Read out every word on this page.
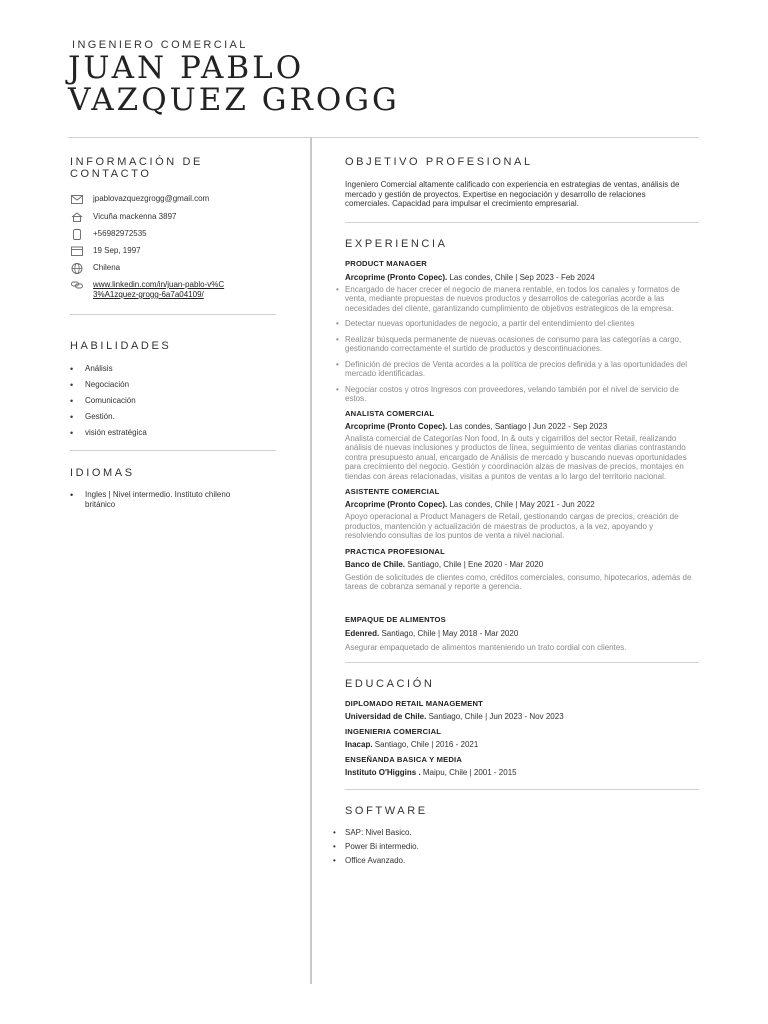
INGENIERO COMERCIAL
JUAN PABLO
VAZQUEZ GROGG
INFORMACIÓN DE CONTACTO
jpablovazquezgrogg@gmail.com
Vicuña mackenna 3897
+56982972535
19 Sep, 1997
Chilena
www.linkedin.com/in/juan-pablo-v%C
3%A1zquez-grogg-6a7a04109/
HABILIDADES
•	Análisis
•	Negociación
•	Comunicación
•	Gestión.
•	visión estratégica
IDIOMAS
•	Ingles | Nivel intermedio. Instituto chileno británico
OBJETIVO PROFESIONAL
Ingeniero Comercial altamente calificado con experiencia en estrategias de ventas, análisis de mercado y gestión de proyectos. Expertise en negociación y desarrollo de relaciones comerciales. Capacidad para impulsar el crecimiento empresarial.
EXPERIENCIA
PRODUCT MANAGER
Arcoprime (Pronto Copec). Las condes, Chile | Sep 2023 - Feb 2024
• Encargado de hacer crecer el negocio de manera rentable, en todos los canales y formatos de venta, mediante propuestas de nuevos productos y desarrollos de categorías acorde a las necesidades del cliente, garantizando cumplimiento de objetivos estrategicos de la empresa.
• Detectar nuevas oportunidades de negocio, a partir del entendimiento del clientes
• Realizar búsqueda permanente de nuevas ocasiones de consumo para las categorías a cargo, gestionando correctamente el surtido de productos y descontinuaciones.
• Definición de precios de Venta acordes a la política de precios definida y a las oportunidades del mercado identificadas.
• Negociar costos y otros Ingresos con proveedores, velando también por el nivel de servicio de estos.
ANALISTA COMERCIAL
Arcoprime (Pronto Copec). Las condes, Santiago | Jun 2022 - Sep 2023
Analista comercial de Categorías Non food, In & outs y cigarrillos del sector Retail, realizando análisis de nuevas inclusiones y productos de línea, seguimiento de ventas diarias contrastando contra presupuesto anual, encargado de Análisis de mercado y buscando nuevas oportunidades para crecimiento del negocio. Gestión y coordinación alzas de masivas de precios, montajes en tiendas con áreas relacionadas, visitas a puntos de ventas a lo largo del territorio nacional.
ASISTENTE COMERCIAL
Arcoprime (Pronto Copec). Las condes, Chile | May 2021 - Jun 2022
Apoyo operacional a Product Managers de Retail, gestionando cargas de precios, creación de productos, mantención y actualización de maestras de productos, a la vez, apoyando y resolviendo consultas de los puntos de venta a nivel nacional.
PRACTICA PROFESIONAL
Banco de Chile. Santiago, Chile | Ene 2020 - Mar 2020
Gestión de solicitudes de clientes como, créditos comerciales, consumo, hipotecarios, además de tareas de cobranza semanal y reporte a gerencia.
EMPAQUE DE ALIMENTOS
Edenred. Santiago, Chile | May 2018 - Mar 2020
Asegurar empaquetado de alimentos manteniendo un trato cordial con clientes.
EDUCACIÓN
DIPLOMADO RETAIL MANAGEMENT
Universidad de Chile. Santiago, Chile | Jun 2023 - Nov 2023
INGENIERIA COMERCIAL
Inacap. Santiago, Chile | 2016 - 2021
ENSEÑANDA BASICA Y MEDIA
Instituto O'Higgins . Maipu, Chile | 2001 - 2015
SOFTWARE
•	SAP: Nivel Basico.
•	Power Bi intermedio.
•	Office Avanzado.
